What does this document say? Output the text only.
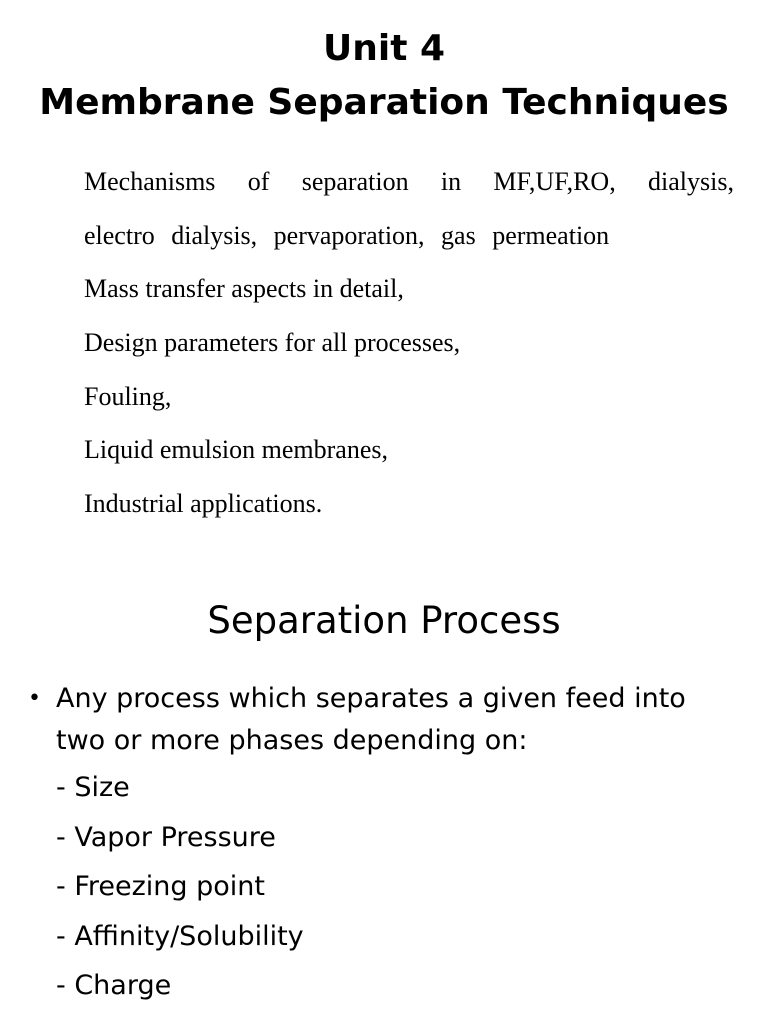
Unit 4
Membrane Separation Techniques
Mechanisms of separation in MF,UF,RO, dialysis,
electro dialysis, pervaporation, gas permeation
Mass transfer aspects in detail,
Design parameters for all processes,
Fouling,
Liquid emulsion membranes,
Industrial applications.
Separation Process
• Any process which separates a given feed into two or more phases depending on:
- Size
- Vapor Pressure
- Freezing point
- Affinity/Solubility
- Charge
